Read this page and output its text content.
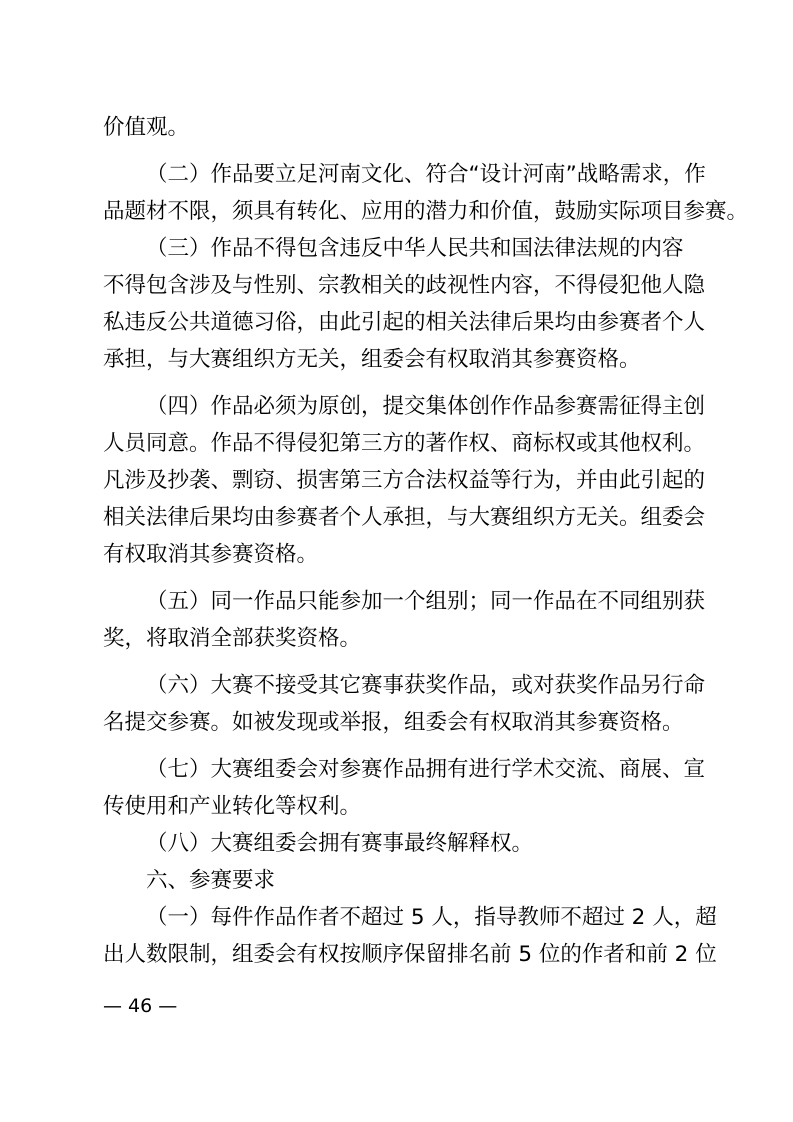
价值观。
（二）作品要立足河南文化、符合“设计河南”战略需求，作
品题材不限，须具有转化、应用的潜力和价值，鼓励实际项目参赛。
（三）作品不得包含违反中华人民共和国法律法规的内容
不得包含涉及与性别、宗教相关的歧视性内容，不得侵犯他人隐
私违反公共道德习俗，由此引起的相关法律后果均由参赛者个人
承担，与大赛组织方无关，组委会有权取消其参赛资格。
（四）作品必须为原创，提交集体创作作品参赛需征得主创
人员同意。作品不得侵犯第三方的著作权、商标权或其他权利。
凡涉及抄袭、剽窃、损害第三方合法权益等行为，并由此引起的
相关法律后果均由参赛者个人承担，与大赛组织方无关。组委会
有权取消其参赛资格。
（五）同一作品只能参加一个组别；同一作品在不同组别获
奖，将取消全部获奖资格。
（六）大赛不接受其它赛事获奖作品，或对获奖作品另行命
名提交参赛。如被发现或举报，组委会有权取消其参赛资格。
（七）大赛组委会对参赛作品拥有进行学术交流、商展、宣
传使用和产业转化等权利。
（八）大赛组委会拥有赛事最终解释权。
六、参赛要求
（一）每件作品作者不超过 5 人，指导教师不超过 2 人，超
出人数限制，组委会有权按顺序保留排名前 5 位的作者和前 2 位
— 46 —
